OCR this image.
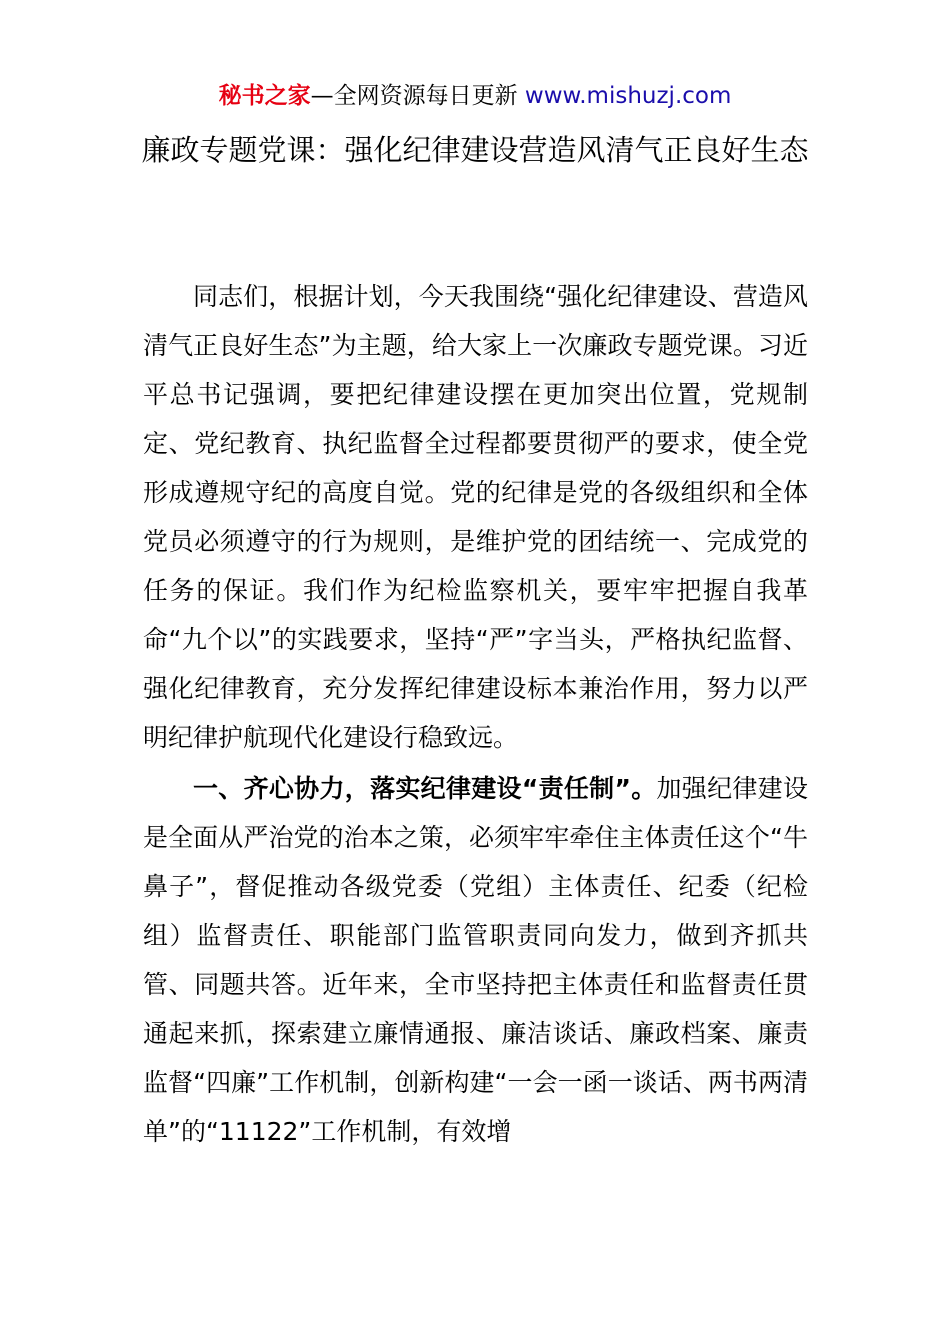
秘书之家—全网资源每日更新 www.mishuzj.com
廉政专题党课：强化纪律建设营造风清气正良好生态

同志们，根据计划，今天我围绕“强化纪律建设、营造风清气正良好生态”为主题，给大家上一次廉政专题党课。习近平总书记强调，要把纪律建设摆在更加突出位置，党规制定、党纪教育、执纪监督全过程都要贯彻严的要求，使全党形成遵规守纪的高度自觉。党的纪律是党的各级组织和全体党员必须遵守的行为规则，是维护党的团结统一、完成党的任务的保证。我们作为纪检监察机关，要牢牢把握自我革命“九个以”的实践要求，坚持“严”字当头，严格执纪监督、强化纪律教育，充分发挥纪律建设标本兼治作用，努力以严明纪律护航现代化建设行稳致远。

一、齐心协力，落实纪律建设“责任制”。加强纪律建设是全面从严治党的治本之策，必须牢牢牵住主体责任这个“牛鼻子”，督促推动各级党委（党组）主体责任、纪委（纪检组）监督责任、职能部门监管职责同向发力，做到齐抓共管、同题共答。近年来，全市坚持把主体责任和监督责任贯通起来抓，探索建立廉情通报、廉洁谈话、廉政档案、廉责监督“四廉”工作机制，创新构建“一会一函一谈话、两书两清单”的“11122”工作机制，有效增
